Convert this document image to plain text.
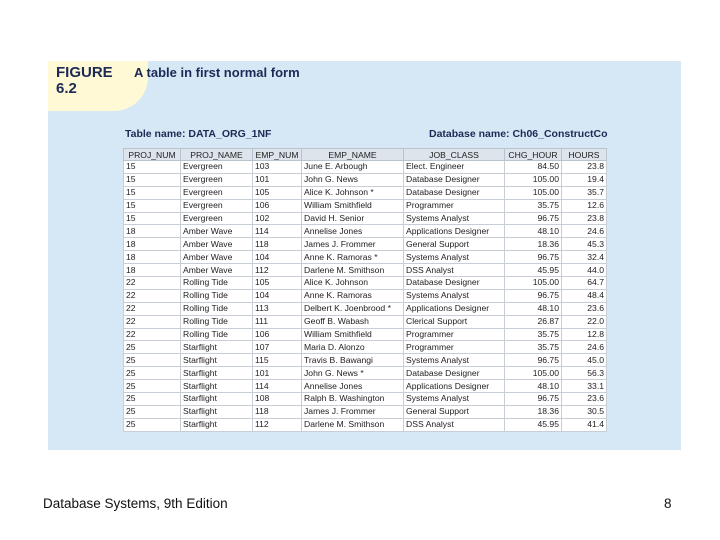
FIGURE
6.2
A table in first normal form
Table name: DATA_ORG_1NF	Database name: Ch06_ConstructCo
PROJ_NUM	PROJ_NAME	EMP_NUM	EMP_NAME	JOB_CLASS	CHG_HOUR	HOURS
15	Evergreen	103	June E. Arbough	Elect. Engineer	84.50	23.8
15	Evergreen	101	John G. News	Database Designer	105.00	19.4
15	Evergreen	105	Alice K. Johnson *	Database Designer	105.00	35.7
15	Evergreen	106	William Smithfield	Programmer	35.75	12.6
15	Evergreen	102	David H. Senior	Systems Analyst	96.75	23.8
18	Amber Wave	114	Annelise Jones	Applications Designer	48.10	24.6
18	Amber Wave	118	James J. Frommer	General Support	18.36	45.3
18	Amber Wave	104	Anne K. Ramoras *	Systems Analyst	96.75	32.4
18	Amber Wave	112	Darlene M. Smithson	DSS Analyst	45.95	44.0
22	Rolling Tide	105	Alice K. Johnson	Database Designer	105.00	64.7
22	Rolling Tide	104	Anne K. Ramoras	Systems Analyst	96.75	48.4
22	Rolling Tide	113	Delbert K. Joenbrood *	Applications Designer	48.10	23.6
22	Rolling Tide	111	Geoff B. Wabash	Clerical Support	26.87	22.0
22	Rolling Tide	106	William Smithfield	Programmer	35.75	12.8
25	Starflight	107	Maria D. Alonzo	Programmer	35.75	24.6
25	Starflight	115	Travis B. Bawangi	Systems Analyst	96.75	45.0
25	Starflight	101	John G. News *	Database Designer	105.00	56.3
25	Starflight	114	Annelise Jones	Applications Designer	48.10	33.1
25	Starflight	108	Ralph B. Washington	Systems Analyst	96.75	23.6
25	Starflight	118	James J. Frommer	General Support	18.36	30.5
25	Starflight	112	Darlene M. Smithson	DSS Analyst	45.95	41.4
Database Systems, 9th Edition	8
